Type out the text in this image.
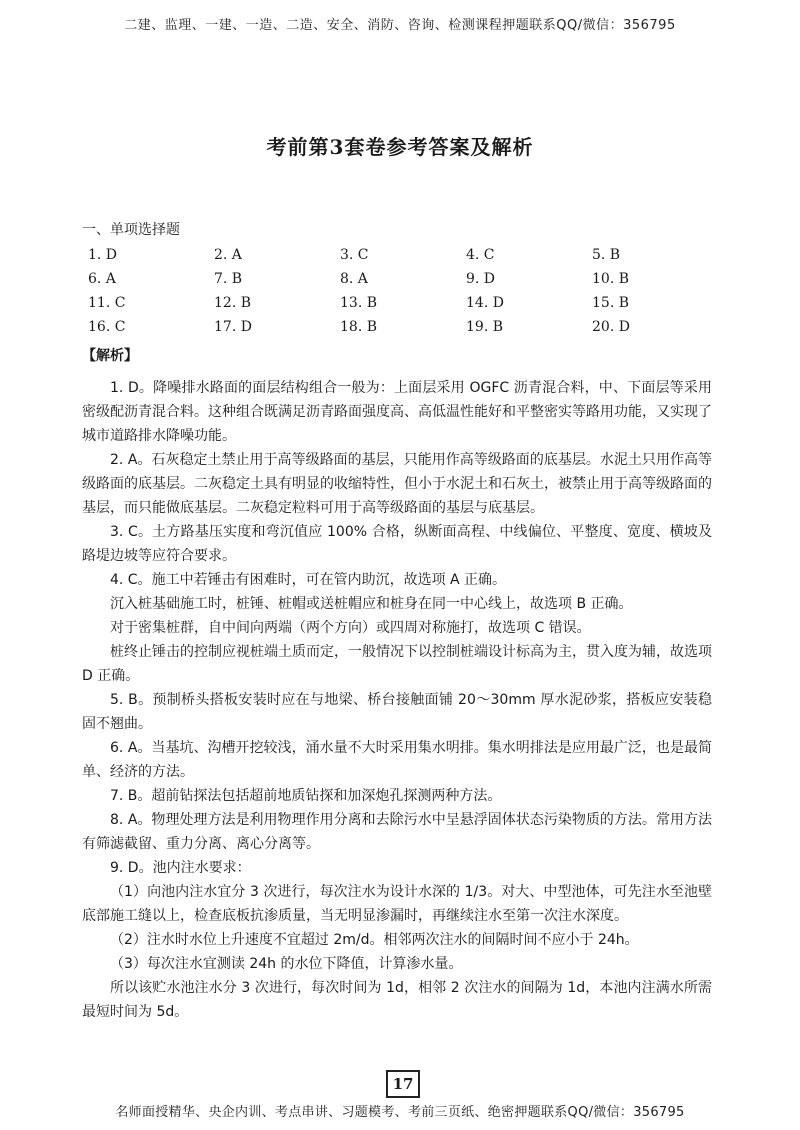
二建、监理、一建、一造、二造、安全、消防、咨询、检测课程押题联系QQ/微信：356795
考前第3套卷参考答案及解析
一、单项选择题
1. D	2. A	3. C	4. C	5. B
6. A	7. B	8. A	9. D	10. B
11. C	12. B	13. B	14. D	15. B
16. C	17. D	18. B	19. B	20. D
【解析】

1. D。降噪排水路面的面层结构组合一般为：上面层采用 OGFC 沥青混合料，中、下面层等采用密级配沥青混合料。这种组合既满足沥青路面强度高、高低温性能好和平整密实等路用功能，又实现了城市道路排水降噪功能。

2. A。石灰稳定土禁止用于高等级路面的基层，只能用作高等级路面的底基层。水泥土只用作高等级路面的底基层。二灰稳定土具有明显的收缩特性，但小于水泥土和石灰土，被禁止用于高等级路面的基层，而只能做底基层。二灰稳定粒料可用于高等级路面的基层与底基层。

3. C。土方路基压实度和弯沉值应 100% 合格，纵断面高程、中线偏位、平整度、宽度、横坡及路堤边坡等应符合要求。

4. C。施工中若锤击有困难时，可在管内助沉，故选项 A 正确。

沉入桩基础施工时，桩锤、桩帽或送桩帽应和桩身在同一中心线上，故选项 B 正确。

对于密集桩群，自中间向两端（两个方向）或四周对称施打，故选项 C 错误。

桩终止锤击的控制应视桩端土质而定，一般情况下以控制桩端设计标高为主，贯入度为辅，故选项 D 正确。

5. B。预制桥头搭板安装时应在与地梁、桥台接触面铺 20～30mm 厚水泥砂浆，搭板应安装稳固不翘曲。

6. A。当基坑、沟槽开挖较浅，涌水量不大时采用集水明排。集水明排法是应用最广泛，也是最简单、经济的方法。

7. B。超前钻探法包括超前地质钻探和加深炮孔探测两种方法。

8. A。物理处理方法是利用物理作用分离和去除污水中呈悬浮固体状态污染物质的方法。常用方法有筛滤截留、重力分离、离心分离等。

9. D。池内注水要求：

（1）向池内注水宜分 3 次进行，每次注水为设计水深的 1/3。对大、中型池体，可先注水至池壁底部施工缝以上，检查底板抗渗质量，当无明显渗漏时，再继续注水至第一次注水深度。

（2）注水时水位上升速度不宜超过 2m/d。相邻两次注水的间隔时间不应小于 24h。

（3）每次注水宜测读 24h 的水位下降值，计算渗水量。

所以该贮水池注水分 3 次进行，每次时间为 1d，相邻 2 次注水的间隔为 1d，本池内注满水所需最短时间为 5d。

17
名师面授精华、央企内训、考点串讲、习题模考、考前三页纸、绝密押题联系QQ/微信：356795
